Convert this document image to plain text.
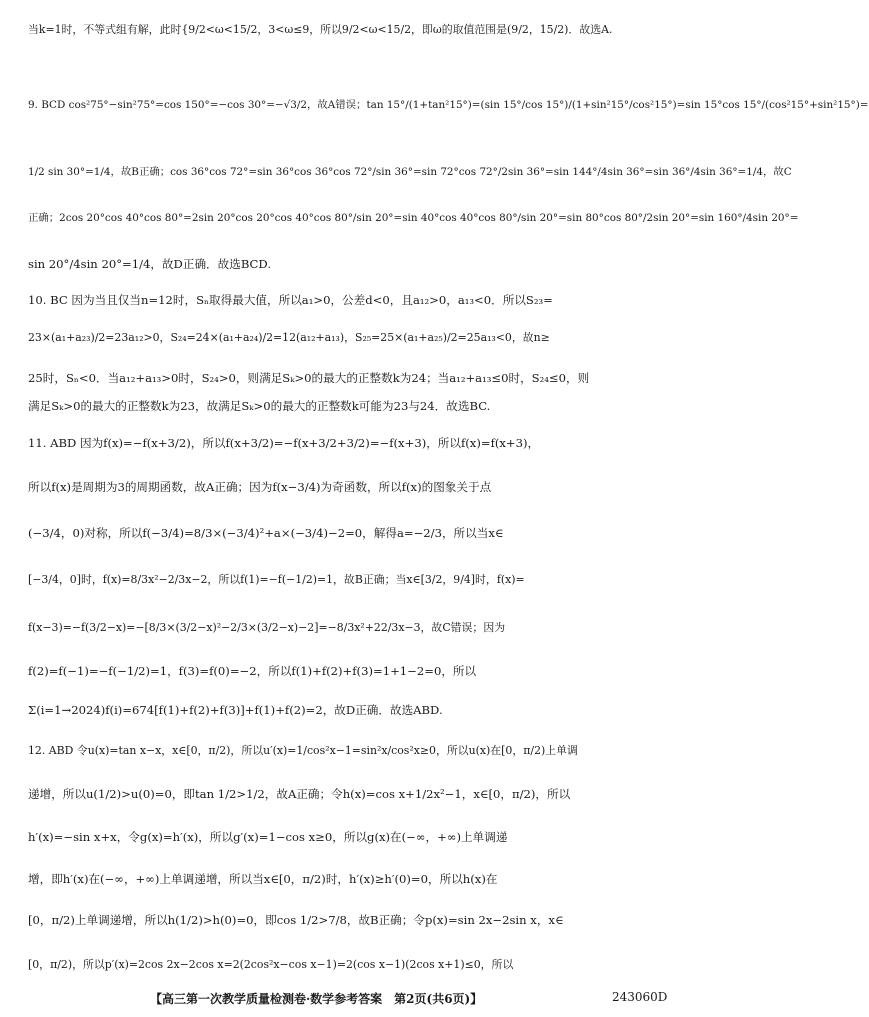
当k=1时，不等式组有解，此时{9/2<ω<15/2，3<ω≤9，所以9/2<ω<15/2，即ω的取值范围是(9/2，15/2)．故选A.
9. BCD cos²75°−sin²75°=cos 150°=−cos 30°=−√3/2，故A错误；tan 15°/(1+tan²15°)=(sin 15°/cos 15°)/(1+sin²15°/cos²15°)=sin 15°cos 15°/(cos²15°+sin²15°)=
1/2 sin 30°=1/4，故B正确；cos 36°cos 72°=sin 36°cos 36°cos 72°/sin 36°=sin 72°cos 72°/2sin 36°=sin 144°/4sin 36°=sin 36°/4sin 36°=1/4，故C
正确；2cos 20°cos 40°cos 80°=2sin 20°cos 20°cos 40°cos 80°/sin 20°=sin 40°cos 40°cos 80°/sin 20°=sin 80°cos 80°/2sin 20°=sin 160°/4sin 20°=
sin 20°/4sin 20°=1/4，故D正确．故选BCD.
10. BC 因为当且仅当n=12时，Sₙ取得最大值，所以a₁>0，公差d<0，且a₁₂>0，a₁₃<0．所以S₂₃=
23×(a₁+a₂₃)/2=23a₁₂>0，S₂₄=24×(a₁+a₂₄)/2=12(a₁₂+a₁₃)，S₂₅=25×(a₁+a₂₅)/2=25a₁₃<0，故n≥
25时，Sₙ<0．当a₁₂+a₁₃>0时，S₂₄>0，则满足Sₖ>0的最大的正整数k为24；当a₁₂+a₁₃≤0时，S₂₄≤0，则
满足Sₖ>0的最大的正整数k为23，故满足Sₖ>0的最大的正整数k可能为23与24．故选BC.
11. ABD 因为f(x)=−f(x+3/2)，所以f(x+3/2)=−f(x+3/2+3/2)=−f(x+3)，所以f(x)=f(x+3)，
所以f(x)是周期为3的周期函数，故A正确；因为f(x−3/4)为奇函数，所以f(x)的图象关于点
(−3/4，0)对称，所以f(−3/4)=8/3×(−3/4)²+a×(−3/4)−2=0，解得a=−2/3，所以当x∈
[−3/4，0]时，f(x)=8/3x²−2/3x−2，所以f(1)=−f(−1/2)=1，故B正确；当x∈[3/2，9/4]时，f(x)=
f(x−3)=−f(3/2−x)=−[8/3×(3/2−x)²−2/3×(3/2−x)−2]=−8/3x²+22/3x−3，故C错误；因为
f(2)=f(−1)=−f(−1/2)=1，f(3)=f(0)=−2，所以f(1)+f(2)+f(3)=1+1−2=0，所以
Σ(i=1→2024)f(i)=674[f(1)+f(2)+f(3)]+f(1)+f(2)=2，故D正确．故选ABD.
12. ABD 令u(x)=tan x−x，x∈[0，π/2)，所以u′(x)=1/cos²x−1=sin²x/cos²x≥0，所以u(x)在[0，π/2)上单调
递增，所以u(1/2)>u(0)=0，即tan 1/2>1/2，故A正确；令h(x)=cos x+1/2x²−1，x∈[0，π/2)，所以
h′(x)=−sin x+x，令g(x)=h′(x)，所以g′(x)=1−cos x≥0，所以g(x)在(−∞，+∞)上单调递
增，即h′(x)在(−∞，+∞)上单调递增，所以当x∈[0，π/2)时，h′(x)≥h′(0)=0，所以h(x)在
[0，π/2)上单调递增，所以h(1/2)>h(0)=0，即cos 1/2>7/8，故B正确；令p(x)=sin 2x−2sin x，x∈
[0，π/2)，所以p′(x)=2cos 2x−2cos x=2(2cos²x−cos x−1)=2(cos x−1)(2cos x+1)≤0，所以
【高三第一次教学质量检测卷·数学参考答案　第2页(共6页)】	243060D
